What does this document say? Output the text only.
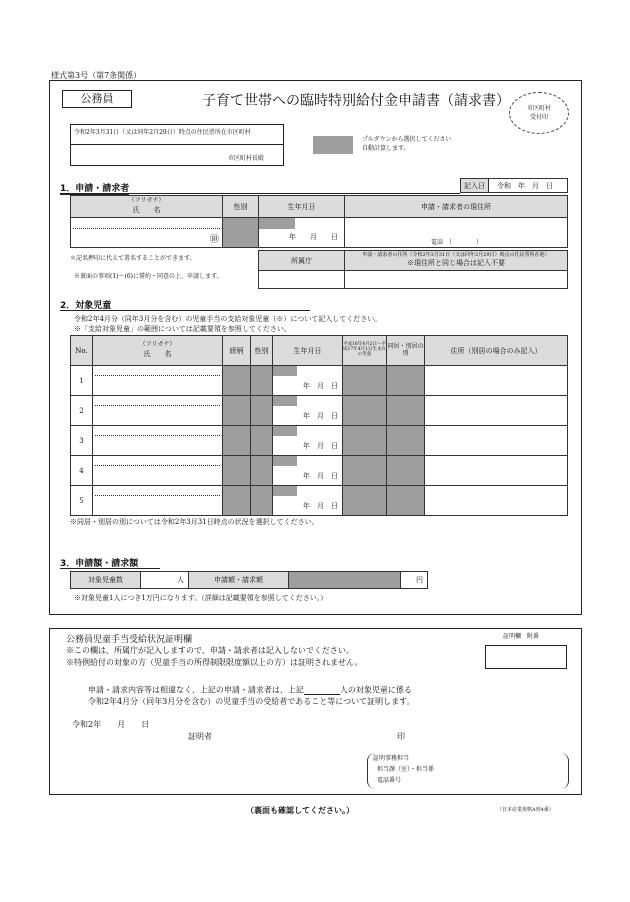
様式第3号（第7条関係）
公務員	子育て世帯への臨時特別給付金申請書（請求書）	市区町村
受付印
令和2年3月31日（又は同年2月29日）時点の住民票所在市区町村
市区町村長殿
プルダウンから選択してください
自動計算します。
1．申請・請求者	記入日	令和　年　月　日
（フリガナ）
氏　　名	性別	生年月日	申請・請求者の現住所

㊞		年　　月　　日	電話　（　　　　）
＊記名押印に代えて署名することができます。
※裏面の事項(1)～(6)に誓約・同意の上、申請します。
所属庁	申請・請求者の住所（令和2年3月31日（又は同年2月29日）時点の住民票所在地）
※現住所と同じ場合は記入不要

2．対象児童
令和2年4月分（同年3月分を含む）の児童手当の支給対象児童（※）について記入してください。
※「支給対象児童」の範囲については記載要領を参照してください。
No.	（フリガナ）
氏　　名	続柄	性別	生年月日	平成16年4月2日～平成17年4月1日生まれの児童	同居・別居の別	住所（別居の場合のみ記入）
1				年　月　日			

2				年　月　日			

3				年　月　日			

4				年　月　日			

5				年　月　日			

※同居・別居の別については令和2年3月31日時点の状況を選択してください。
3．申請額・請求額
対象児童数	人	申請額・請求額		円
※対象児童1人につき1万円になります。（詳細は記載要領を参照してください。）
公務員児童手当受給状況証明欄	証明欄　附番
※この欄は、所属庁が記入しますので、申請・請求者は記入しないでください。
※特例給付の対象の方（児童手当の所得制限限度額以上の方）は証明されません。
申請・請求内容等は相違なく、上記の申請・請求者は、上記	人の対象児童に係る
令和2年4月分（同年3月分を含む）の児童手当の受給者であること等について証明します。
令和2年　　月　　日
証明者	印
証明事務担当
担当課（室）・担当係
電話番号
（裏面も確認してください。）	（日本産業規格A列4番）
